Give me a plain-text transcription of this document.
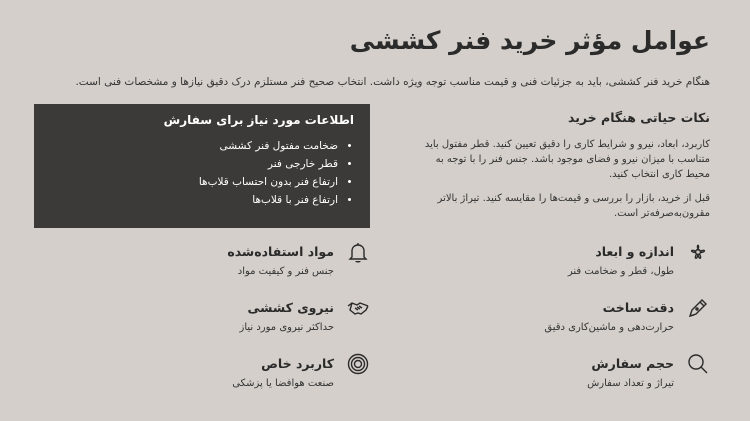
عوامل مؤثر خرید فنر کششی
هنگام خرید فنر کششی، باید به جزئیات فنی و قیمت مناسب توجه ویژه داشت. انتخاب صحیح فنر مستلزم درک دقیق نیازها و مشخصات فنی است.
نکات حیاتی هنگام خرید

کاربرد، ابعاد، نیرو و شرایط کاری را دقیق تعیین کنید. قطر مفتول باید متناسب با میزان نیرو و فضای موجود باشد. جنس فنر را با توجه به محیط کاری انتخاب کنید.

قبل از خرید، بازار را بررسی و قیمت‌ها را مقایسه کنید. تیراژ بالاتر مقرون‌به‌صرفه‌تر است.

اطلاعات مورد نیاز برای سفارش
• ضخامت مفتول فنر کششی
• قطر خارجی فنر
• ارتفاع فنر بدون احتساب قلاب‌ها
• ارتفاع فنر با قلاب‌ها
اندازه و ابعاد
طول، قطر و ضخامت فنر
دقت ساخت
حرارت‌دهی و ماشین‌کاری دقیق
حجم سفارش
تیراژ و تعداد سفارش
مواد استفاده‌شده
جنس فنر و کیفیت مواد
نیروی کششی
حداکثر نیروی مورد نیاز
کاربرد خاص
صنعت هوافضا یا پزشکی
